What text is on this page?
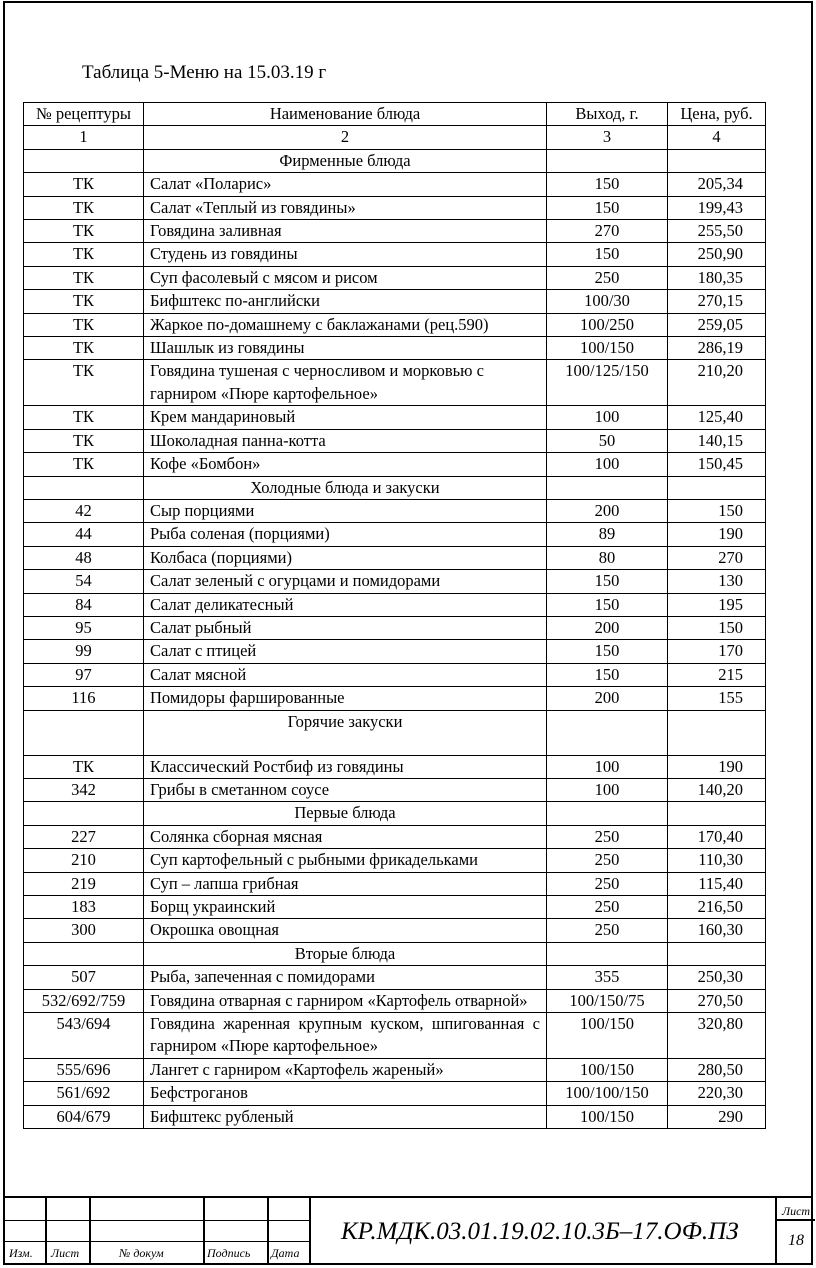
Таблица 5-Меню на 15.03.19 г
№ рецептуры	Наименование блюда	Выход, г.	Цена, руб.
1	2	3	4
	Фирменные блюда		
ТК	Салат «Поларис»	150	205,34
ТК	Салат «Теплый из говядины»	150	199,43
ТК	Говядина заливная	270	255,50
ТК	Студень из говядины	150	250,90
ТК	Суп фасолевый с мясом и рисом	250	180,35
ТК	Бифштекс по-английски	100/30	270,15
ТК	Жаркое по-домашнему с баклажанами (рец.590)	100/250	259,05
ТК	Шашлык из говядины	100/150	286,19
ТК	Говядина тушеная с черносливом и морковью с гарниром «Пюре картофельное»	100/125/150	210,20
ТК	Крем мандариновый	100	125,40
ТК	Шоколадная панна-котта	50	140,15
ТК	Кофе «Бомбон»	100	150,45
	Холодные блюда и закуски		
42	Сыр порциями	200	150
44	Рыба соленая (порциями)	89	190
48	Колбаса (порциями)	80	270
54	Салат зеленый с огурцами и помидорами	150	130
84	Салат деликатесный	150	195
95	Салат рыбный	200	150
99	Салат с птицей	150	170
97	Салат мясной	150	215
116	Помидоры фаршированные	200	155
	Горячие закуски		
ТК	Классический Ростбиф из говядины	100	190
342	Грибы в сметанном соусе	100	140,20
	Первые блюда		
227	Солянка сборная мясная	250	170,40
210	Суп картофельный с рыбными фрикадельками	250	110,30
219	Суп – лапша грибная	250	115,40
183	Борщ украинский	250	216,50
300	Окрошка овощная	250	160,30
	Вторые блюда		
507	Рыба, запеченная с помидорами	355	250,30
532/692/759	Говядина отварная с гарниром «Картофель отварной»	100/150/75	270,50
543/694	Говядина жаренная крупным куском, шпигованная с гарниром «Пюре картофельное»	100/150	320,80
555/696	Лангет с гарниром «Картофель жареный»	100/150	280,50
561/692	Бефстроганов	100/100/150	220,30
604/679	Бифштекс рубленый	100/150	290
Изм. Лист	№ докум	Подпись Дата
КР.МДК.03.01.19.02.10.3Б–17.ОФ.ПЗ
Лист
18
